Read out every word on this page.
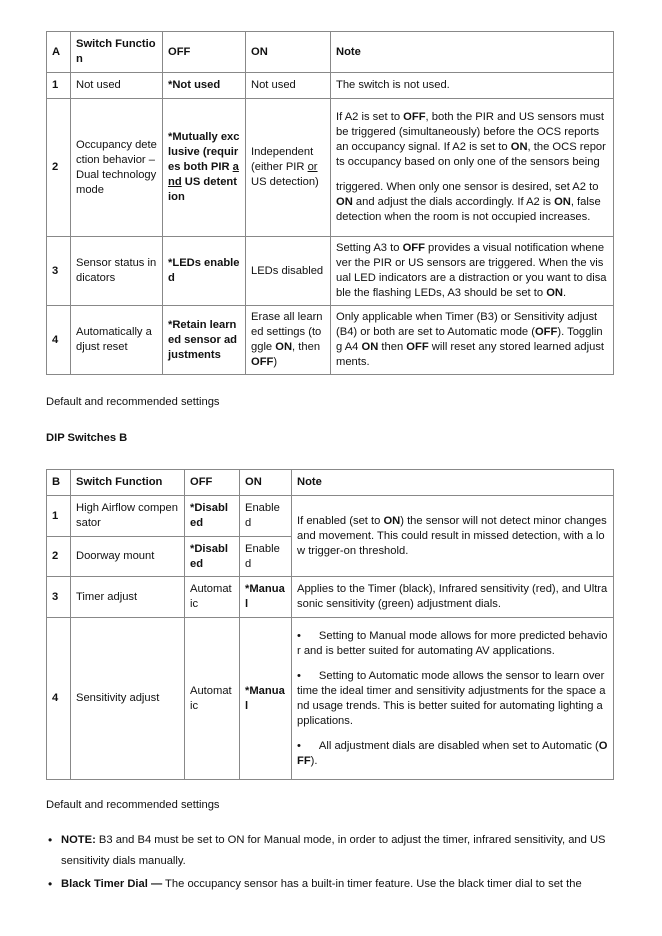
A	Switch Function	OFF	ON	Note
1	Not used	*Not used	Not used	The switch is not used.
2	Occupancy detection behavior – Dual technology mode	*Mutually exclusive (requires both PIR and US detention	Independent (either PIR or US detection)	If A2 is set to OFF, both the PIR and US sensors must be triggered (simultaneously) before the OCS reports an occupancy signal. If A2 is set to ON, the OCS reports occupancy based on only one of the sensors being
triggered. When only one sensor is desired, set A2 to ON and adjust the dials accordingly. If A2 is ON, false detection when the room is not occupied increases.

3	Sensor status indicators	*LEDs enabled	LEDs disabled	Setting A3 to OFF provides a visual notification whenever the PIR or US sensors are triggered. When the visual LED indicators are a distraction or you want to disable the flashing LEDs, A3 should be set to ON.
4	Automatically adjust reset	*Retain learned sensor adjustments	Erase all learned settings (toggle ON, then OFF)	Only applicable when Timer (B3) or Sensitivity adjust (B4) or both are set to Automatic mode (OFF). Toggling A4 ON then OFF will reset any stored learned adjustments.
Default and recommended settings
DIP Switches B
B	Switch Function	OFF	ON	Note
1	High Airflow compensator	*Disabled	Enabled	If enabled (set to ON) the sensor will not detect minor changes and movement. This could result in missed detection, with a low trigger-on threshold.
2	Doorway mount	*Disabled	Enabled	
3	Timer adjust	Automatic	*Manual	Applies to the Timer (black), Infrared sensitivity (red), and Ultrasonic sensitivity (green) adjustment dials.
4	Sensitivity adjust	Automatic	*Manual	• Setting to Manual mode allows for more predicted behavior and is better suited for automating AV applications.
• Setting to Automatic mode allows the sensor to learn over time the ideal timer and sensitivity adjustments for the space and usage trends. This is better suited for automating lighting applications.
• All adjustment dials are disabled when set to Automatic (OFF).
Default and recommended settings
• NOTE: B3 and B4 must be set to ON for Manual mode, in order to adjust the timer, infrared sensitivity, and US sensitivity dials manually.
• Black Timer Dial — The occupancy sensor has a built-in timer feature. Use the black timer dial to set the
